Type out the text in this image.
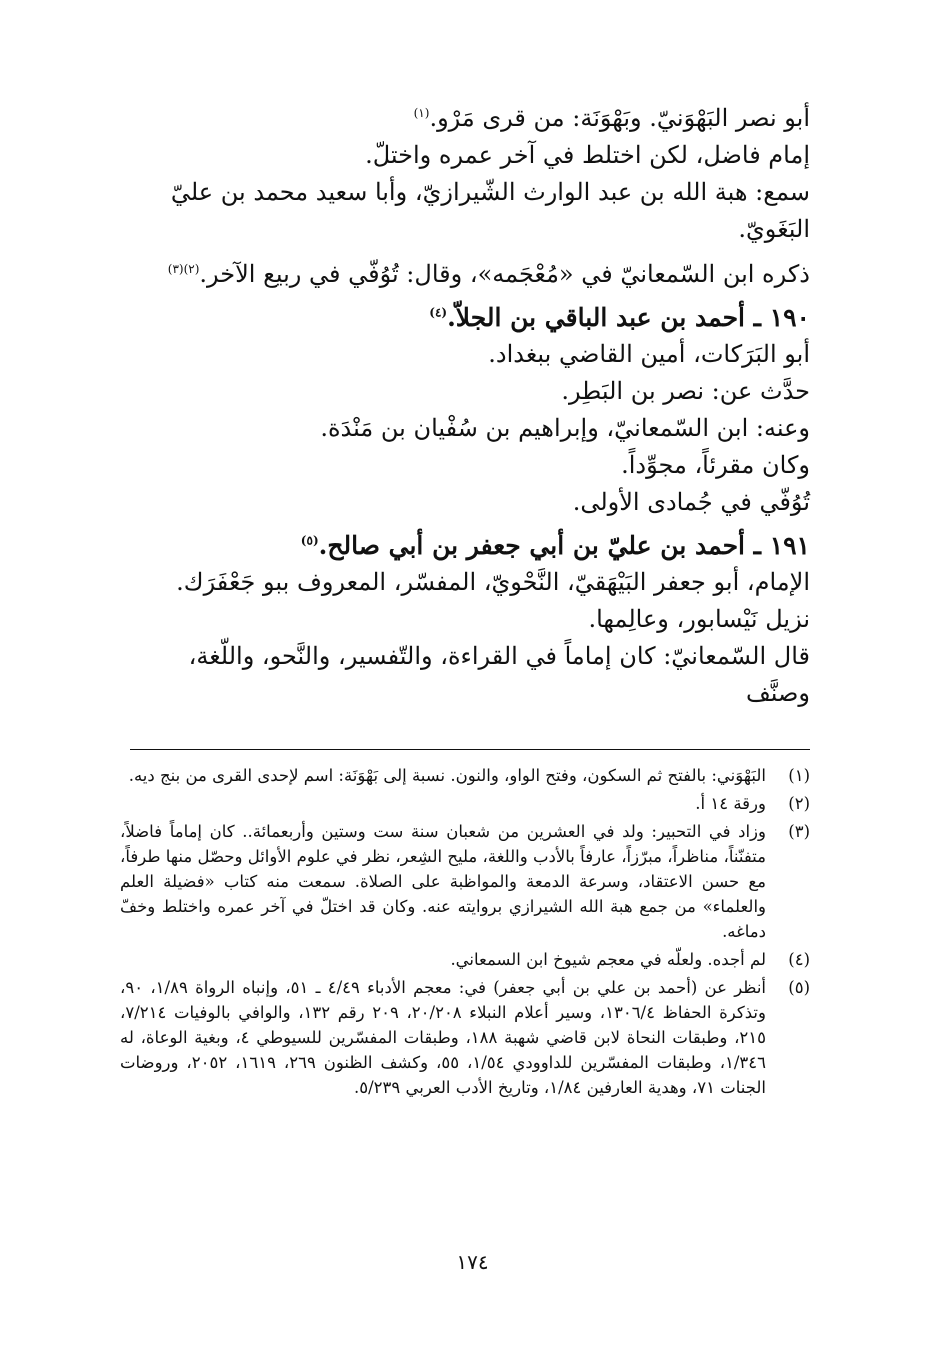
أبو نصر البَهْوَنيّ. وبَهْوَنَة: من قرى مَرْو.$^{(١)}$

إمام فاضل، لكن اختلط في آخر عمره واختلّ.

سمع: هبة الله بن عبد الوارث الشّيرازيّ، وأبا سعيد محمد بن عليّ البَغَويّ.

ذكره ابن السّمعانيّ في «مُعْجَمه»، وقال: تُوُفّي في ربيع الآخر.$^{(٢)(٣)}$

١٩٠ ـ أحمد بن عبد الباقي بن الجلاّ.$^{(٤)}$

أبو البَرَكات، أمين القاضي ببغداد.

حدَّث عن: نصر بن البَطِر.

وعنه: ابن السّمعانيّ، وإبراهيم بن سُفْيان بن مَنْدَة.

وكان مقرئاً، مجوِّداً.

تُوُفّي في جُمادى الأولى.

١٩١ ـ أحمد بن عليّ بن أبي جعفر بن أبي صالح.$^{(٥)}$

الإمام، أبو جعفر البَيْهَقيّ، النَّحْويّ، المفسّر، المعروف ببو جَعْفَرَك.

نزيل نَيْسابور، وعالِمها.

قال السّمعانيّ: كان إماماً في القراءة، والتّفسير، والنَّحو، واللّغة، وصنَّف

(١)
البَهْوَني: بالفتح ثم السكون، وفتح الواو، والنون. نسبة إلى بَهْوَنَة: اسم لإحدى القرى من بنج ديه.
(٢)
ورقة ١٤ أ.
(٣)
وزاد في التحبير: ولد في العشرين من شعبان سنة ست وستين وأربعمائة.. كان إماماً فاضلاً، متفنّناً، مناظراً، مبرّزاً، عارفاً بالأدب واللغة، مليح الشِعر، نظر في علوم الأوائل وحصّل منها طرفاً، مع حسن الاعتقاد، وسرعة الدمعة والمواظبة على الصلاة. سمعت منه كتاب «فضيلة العلم والعلماء» من جمع هبة الله الشيرازي بروايته عنه. وكان قد اختلّ في آخر عمره واختلط وخفّ دماغه.
(٤)
لم أجده. ولعلّه في معجم شيوخ ابن السمعاني.
(٥)
أنظر عن (أحمد بن علي بن أبي جعفر) في: معجم الأدباء ٤/٤٩ ـ ٥١، وإنباه الرواة ١/٨٩، ٩٠، وتذكرة الحفاظ ١٣٠٦/٤، وسير أعلام النبلاء ٢٠/٢٠٨، ٢٠٩ رقم ١٣٢، والوافي بالوفيات ٧/٢١٤، ٢١٥، وطبقات النحاة لابن قاضي شهبة ١٨٨، وطبقات المفسّرين للسيوطي ٤، وبغية الوعاة، له ١/٣٤٦، وطبقات المفسّرين للداوودي ١/٥٤، ٥٥، وكشف الظنون ٢٦٩، ١٦١٩، ٢٠٥٢، وروضات الجنات ٧١، وهدية العارفين ١/٨٤، وتاريخ الأدب العربي ٥/٢٣٩.
١٧٤
